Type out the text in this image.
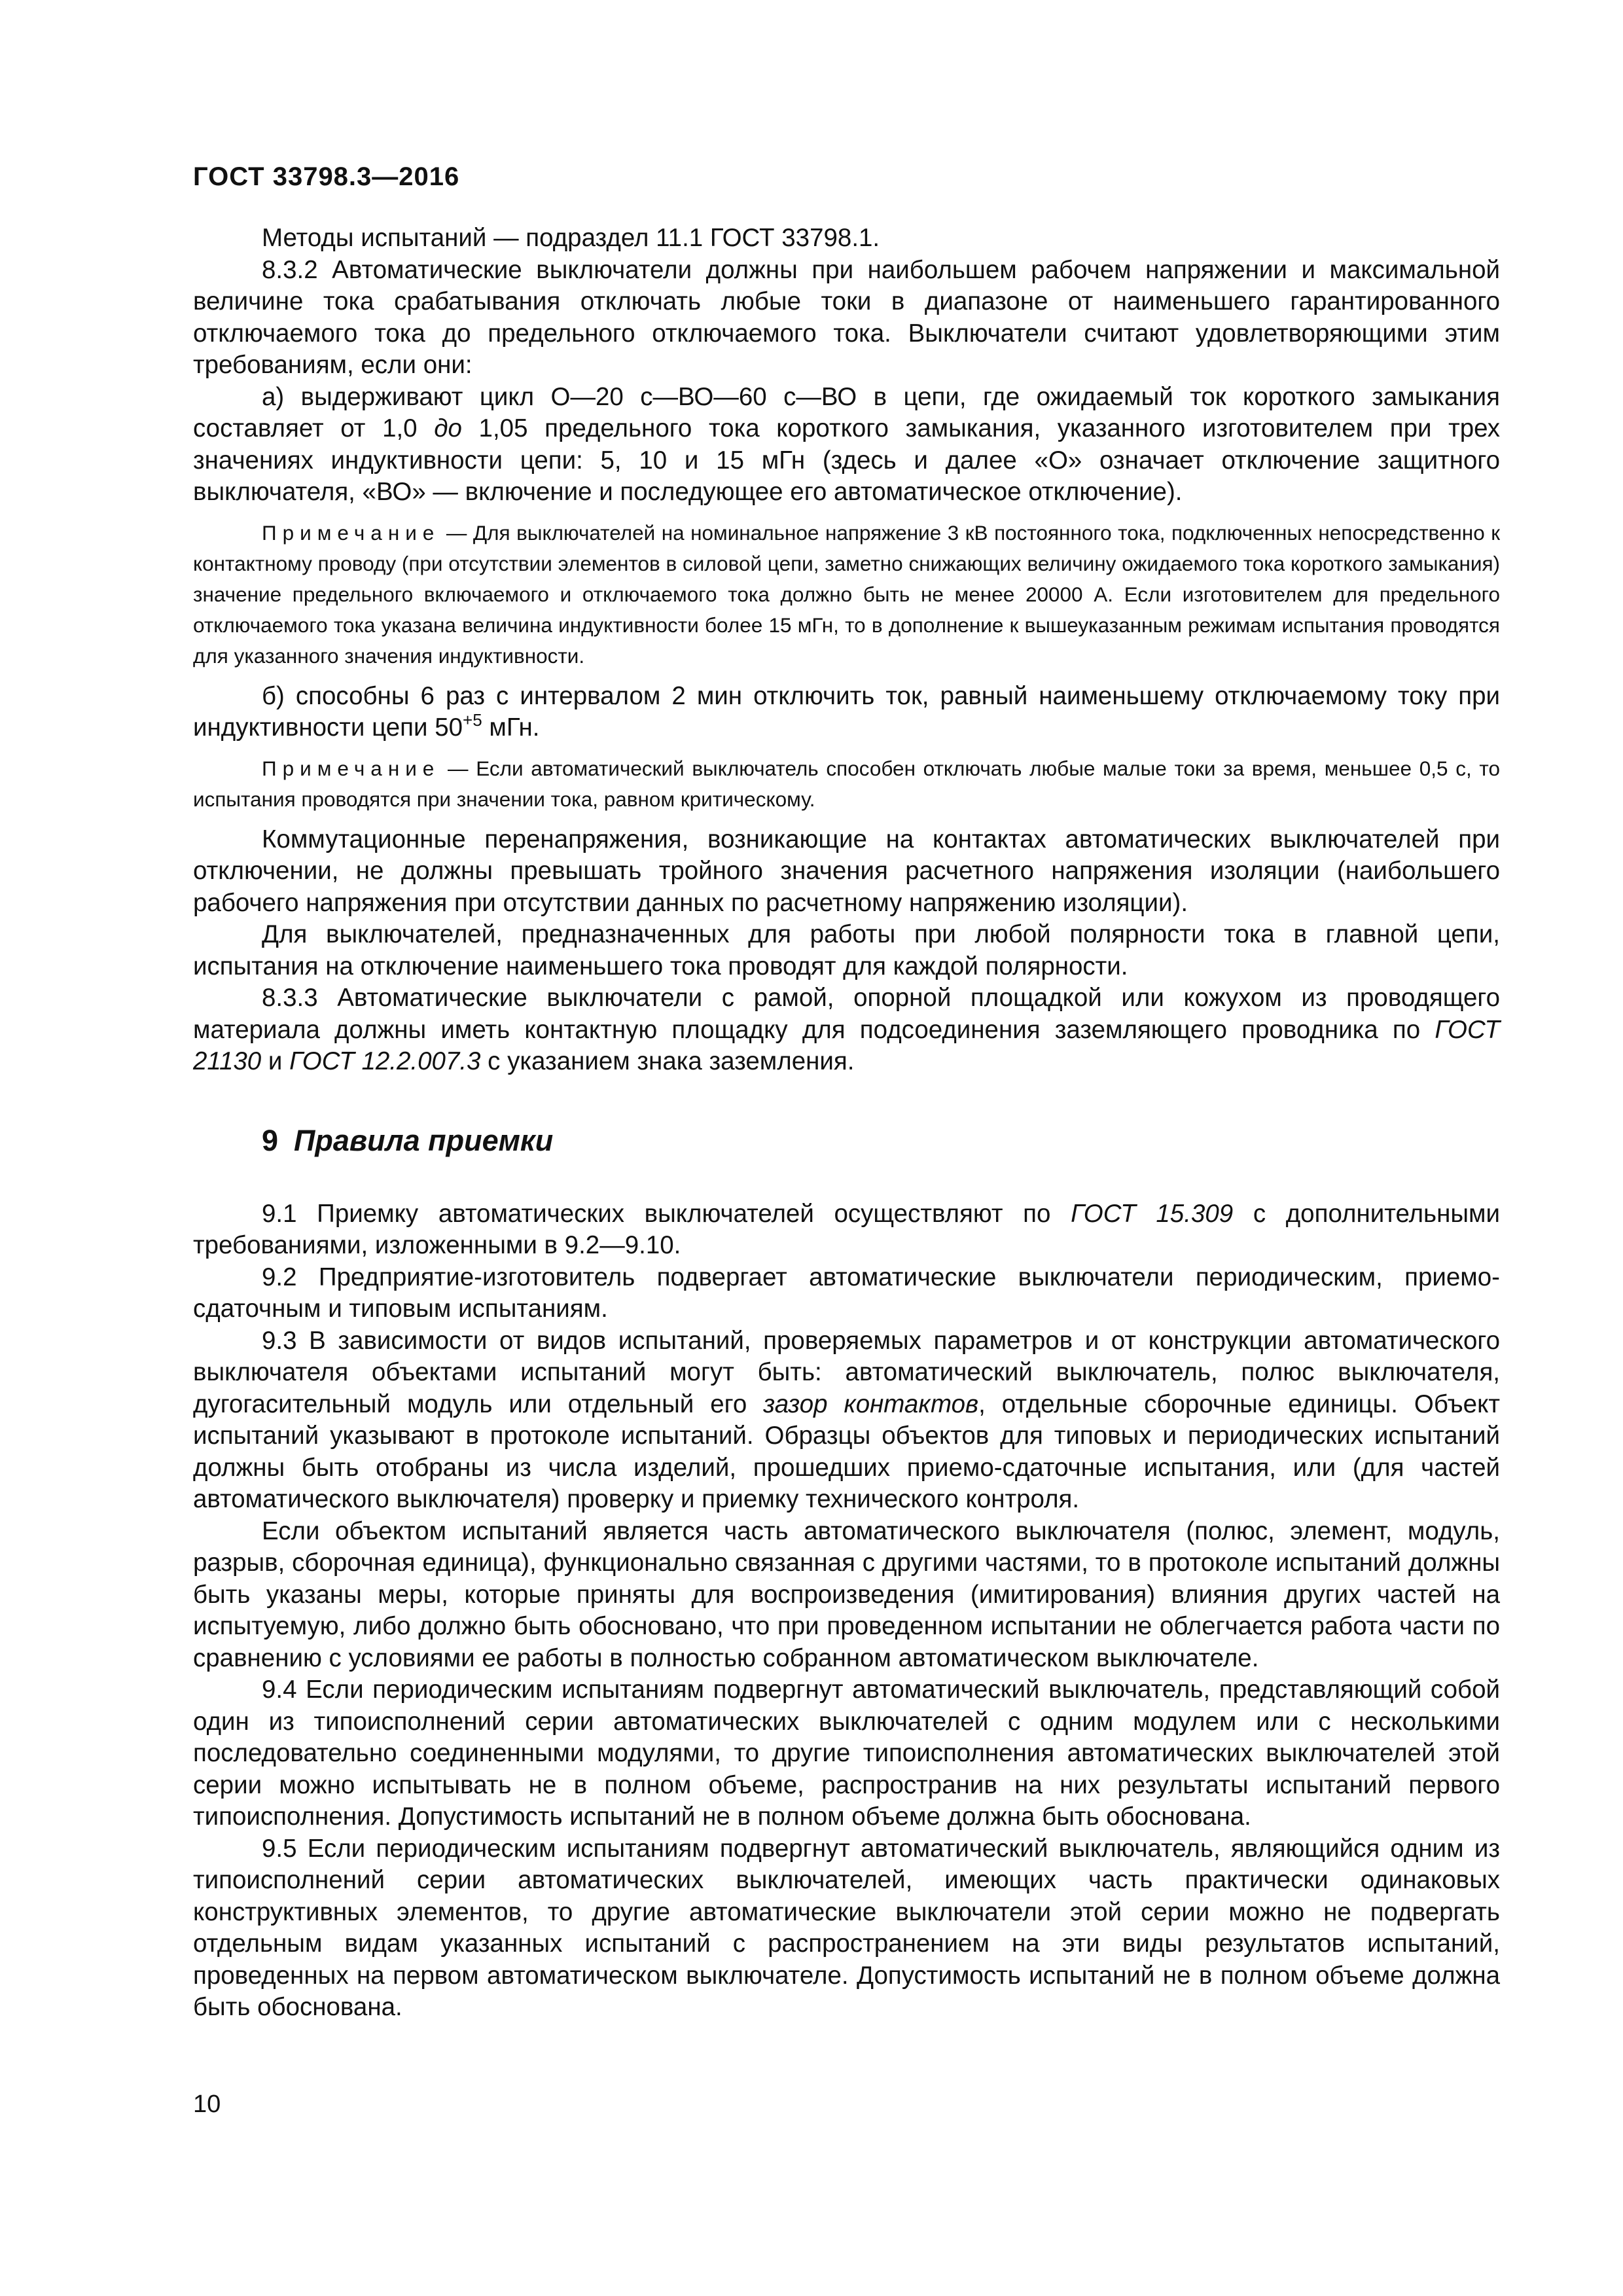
ГОСТ 33798.3—2016

Методы испытаний — подраздел 11.1 ГОСТ 33798.1.

8.3.2 Автоматические выключатели должны при наибольшем рабочем напряжении и максимальной величине тока срабатывания отключать любые токи в диапазоне от наименьшего гарантированного отключаемого тока до предельного отключаемого тока. Выключатели считают удовлетворяющими этим требованиям, если они:

а) выдерживают цикл О—20 с—ВО—60 с—ВО в цепи, где ожидаемый ток короткого замыкания составляет от 1,0 до 1,05 предельного тока короткого замыкания, указанного изготовителем при трех значениях индуктивности цепи: 5, 10 и 15 мГн (здесь и далее «О» означает отключение защитного выключателя, «ВО» — включение и последующее его автоматическое отключение).

Примечание — Для выключателей на номинальное напряжение 3 кВ постоянного тока, подключенных непосредственно к контактному проводу (при отсутствии элементов в силовой цепи, заметно снижающих величину ожидаемого тока короткого замыкания) значение предельного включаемого и отключаемого тока должно быть не менее 20000 А. Если изготовителем для предельного отключаемого тока указана величина индуктивности более 15 мГн, то в дополнение к вышеуказанным режимам испытания проводятся для указанного значения индуктивности.

б) способны 6 раз с интервалом 2 мин отключить ток, равный наименьшему отключаемому току при индуктивности цепи $50^{+5}$ мГн.

Примечание — Если автоматический выключатель способен отключать любые малые токи за время, меньшее 0,5 с, то испытания проводятся при значении тока, равном критическому.

Коммутационные перенапряжения, возникающие на контактах автоматических выключателей при отключении, не должны превышать тройного значения расчетного напряжения изоляции (наибольшего рабочего напряжения при отсутствии данных по расчетному напряжению изоляции).

Для выключателей, предназначенных для работы при любой полярности тока в главной цепи, испытания на отключение наименьшего тока проводят для каждой полярности.

8.3.3 Автоматические выключатели с рамой, опорной площадкой или кожухом из проводящего материала должны иметь контактную площадку для подсоединения заземляющего проводника по ГОСТ 21130 и ГОСТ 12.2.007.3 с указанием знака заземления.

9 Правила приемки

9.1 Приемку автоматических выключателей осуществляют по ГОСТ 15.309 с дополнительными требованиями, изложенными в 9.2—9.10.

9.2 Предприятие-изготовитель подвергает автоматические выключатели периодическим, приемо-сдаточным и типовым испытаниям.

9.3 В зависимости от видов испытаний, проверяемых параметров и от конструкции автоматического выключателя объектами испытаний могут быть: автоматический выключатель, полюс выключателя, дугогасительный модуль или отдельный его зазор контактов, отдельные сборочные единицы. Объект испытаний указывают в протоколе испытаний. Образцы объектов для типовых и периодических испытаний должны быть отобраны из числа изделий, прошедших приемо-сдаточные испытания, или (для частей автоматического выключателя) проверку и приемку технического контроля.

Если объектом испытаний является часть автоматического выключателя (полюс, элемент, модуль, разрыв, сборочная единица), функционально связанная с другими частями, то в протоколе испытаний должны быть указаны меры, которые приняты для воспроизведения (имитирования) влияния других частей на испытуемую, либо должно быть обосновано, что при проведенном испытании не облегчается работа части по сравнению с условиями ее работы в полностью собранном автоматическом выключателе.

9.4 Если периодическим испытаниям подвергнут автоматический выключатель, представляющий собой один из типоисполнений серии автоматических выключателей с одним модулем или с несколькими последовательно соединенными модулями, то другие типоисполнения автоматических выключателей этой серии можно испытывать не в полном объеме, распространив на них результаты испытаний первого типоисполнения. Допустимость испытаний не в полном объеме должна быть обоснована.

9.5 Если периодическим испытаниям подвергнут автоматический выключатель, являющийся одним из типоисполнений серии автоматических выключателей, имеющих часть практически одинаковых конструктивных элементов, то другие автоматические выключатели этой серии можно не подвергать отдельным видам указанных испытаний с распространением на эти виды результатов испытаний, проведенных на первом автоматическом выключателе. Допустимость испытаний не в полном объеме должна быть обоснована.

10
